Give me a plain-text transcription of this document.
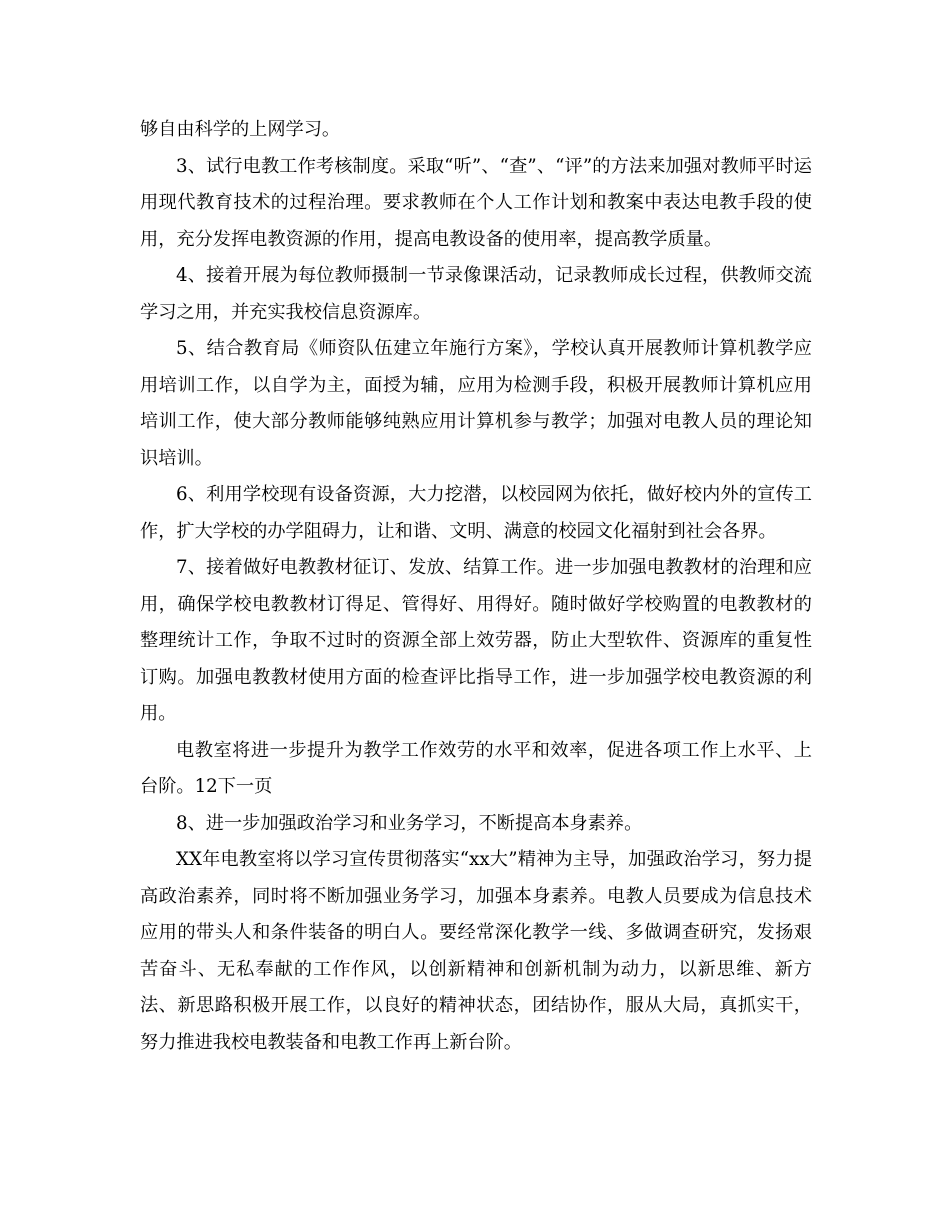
够自由科学的上网学习。

3、试行电教工作考核制度。采取“听”、“查”、“评”的方法来加强对教师平时运用现代教育技术的过程治理。要求教师在个人工作计划和教案中表达电教手段的使用，充分发挥电教资源的作用，提高电教设备的使用率，提高教学质量。

4、接着开展为每位教师摄制一节录像课活动，记录教师成长过程，供教师交流学习之用，并充实我校信息资源库。

5、结合教育局《师资队伍建立年施行方案》，学校认真开展教师计算机教学应用培训工作，以自学为主，面授为辅，应用为检测手段，积极开展教师计算机应用培训工作，使大部分教师能够纯熟应用计算机参与教学；加强对电教人员的理论知识培训。

6、利用学校现有设备资源，大力挖潜，以校园网为依托，做好校内外的宣传工作，扩大学校的办学阻碍力，让和谐、文明、满意的校园文化福射到社会各界。

7、接着做好电教教材征订、发放、结算工作。进一步加强电教教材的治理和应用，确保学校电教教材订得足、管得好、用得好。随时做好学校购置的电教教材的整理统计工作，争取不过时的资源全部上效劳器，防止大型软件、资源库的重复性订购。加强电教教材使用方面的检查评比指导工作，进一步加强学校电教资源的利用。

电教室将进一步提升为教学工作效劳的水平和效率，促进各项工作上水平、上台阶。12下一页

8、进一步加强政治学习和业务学习，不断提高本身素养。

XX年电教室将以学习宣传贯彻落实“xx大”精神为主导，加强政治学习，努力提高政治素养，同时将不断加强业务学习，加强本身素养。电教人员要成为信息技术应用的带头人和条件装备的明白人。要经常深化教学一线、多做调查研究，发扬艰苦奋斗、无私奉献的工作作风，以创新精神和创新机制为动力，以新思维、新方法、新思路积极开展工作，以良好的精神状态，团结协作，服从大局，真抓实干，努力推进我校电教装备和电教工作再上新台阶。
